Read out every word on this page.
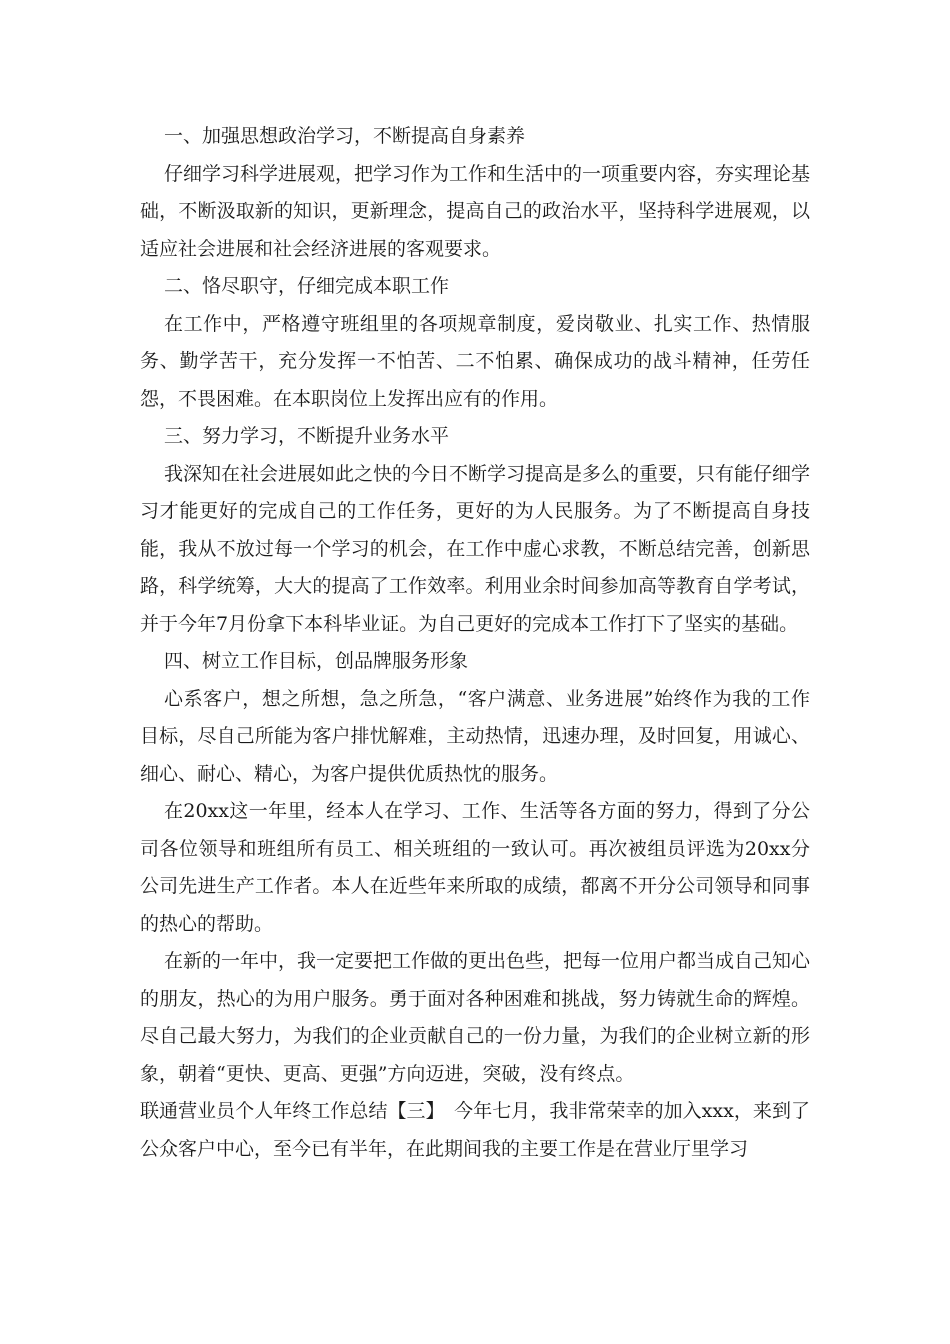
一、加强思想政治学习，不断提高自身素养

仔细学习科学进展观，把学习作为工作和生活中的一项重要内容，夯实理论基础，不断汲取新的知识，更新理念，提高自己的政治水平，坚持科学进展观，以适应社会进展和社会经济进展的客观要求。

二、恪尽职守，仔细完成本职工作

在工作中，严格遵守班组里的各项规章制度，爱岗敬业、扎实工作、热情服务、勤学苦干，充分发挥一不怕苦、二不怕累、确保成功的战斗精神，任劳任怨，不畏困难。在本职岗位上发挥出应有的作用。

三、努力学习，不断提升业务水平

我深知在社会进展如此之快的今日不断学习提高是多么的重要，只有能仔细学习才能更好的完成自己的工作任务，更好的为人民服务。为了不断提高自身技能，我从不放过每一个学习的机会，在工作中虚心求教，不断总结完善，创新思路，科学统筹，大大的提高了工作效率。利用业余时间参加高等教育自学考试，并于今年7月份拿下本科毕业证。为自己更好的完成本工作打下了坚实的基础。

四、树立工作目标，创品牌服务形象

心系客户，想之所想，急之所急，“客户满意、业务进展”始终作为我的工作目标，尽自己所能为客户排忧解难，主动热情，迅速办理，及时回复，用诚心、细心、耐心、精心，为客户提供优质热忱的服务。

在20xx这一年里，经本人在学习、工作、生活等各方面的努力，得到了分公司各位领导和班组所有员工、相关班组的一致认可。再次被组员评选为20xx分公司先进生产工作者。本人在近些年来所取的成绩，都离不开分公司领导和同事的热心的帮助。

在新的一年中，我一定要把工作做的更出色些，把每一位用户都当成自己知心的朋友，热心的为用户服务。勇于面对各种困难和挑战，努力铸就生命的辉煌。尽自己最大努力，为我们的企业贡献自己的一份力量，为我们的企业树立新的形象，朝着“更快、更高、更强”方向迈进，突破，没有终点。

联通营业员个人年终工作总结【三】　今年七月，我非常荣幸的加入xxx，来到了公众客户中心，至今已有半年，在此期间我的主要工作是在营业厅里学习
